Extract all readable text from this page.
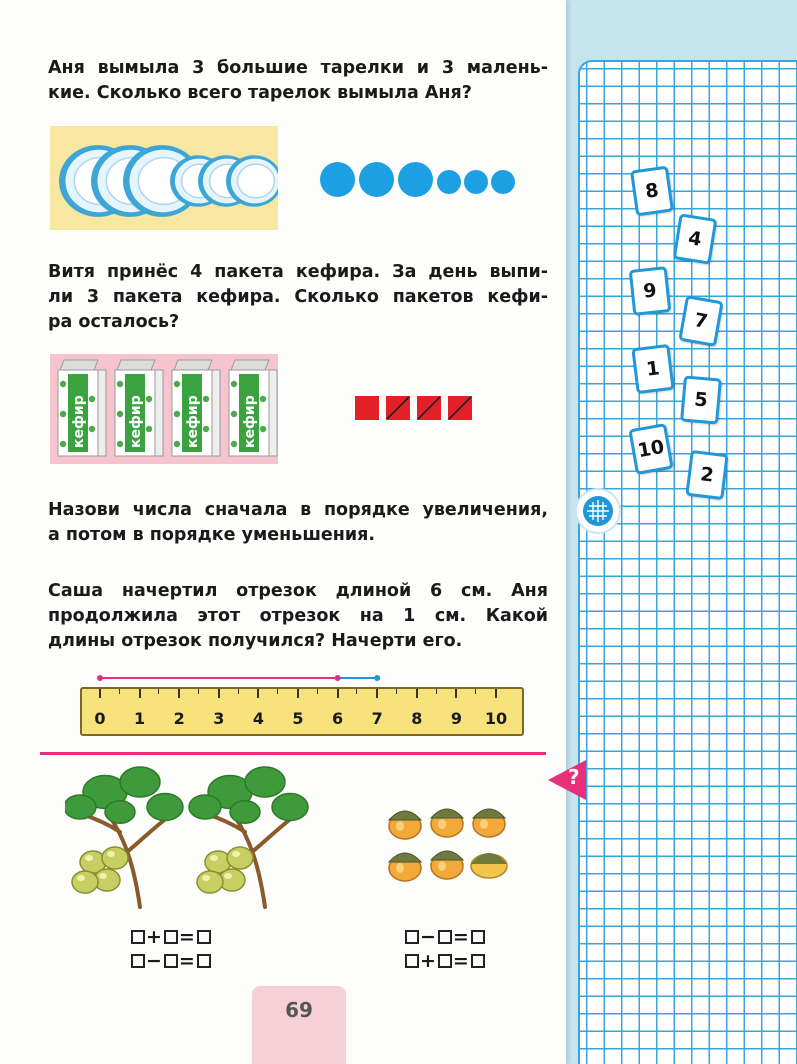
Аня вымыла 3 большие тарелки и 3 малень-
кие. Сколько всего тарелок вымыла Аня?
Витя принёс 4 пакета кефира. За день выпи-
ли 3 пакета кефира. Сколько пакетов кефи-
ра осталось?
кефир	кефир	кефир	кефир
8
4
9
7
1
5
10
2
Назови числа сначала в порядке увеличения,
а потом в порядке уменьшения.
Саша начертил отрезок длиной 6 см. Аня
продолжила этот отрезок на 1 см. Какой
длины отрезок получился? Начерти его.
0	1	2	3	4	5	6	7	8	9	10
?
+ =
− =
− =
+ =
69
